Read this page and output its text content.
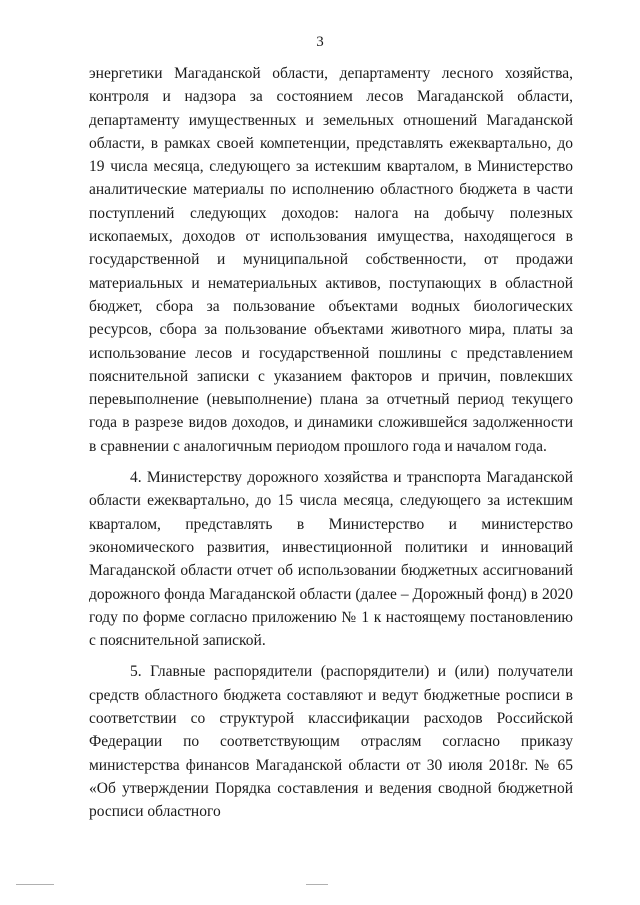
3

энергетики Магаданской области, департаменту лесного хозяйства, контроля и надзора за состоянием лесов Магаданской области, департаменту имущественных и земельных отношений Магаданской области, в рамках своей компетенции, представлять ежеквартально, до 19 числа месяца, следующего за истекшим кварталом, в Министерство аналитические материалы по исполнению областного бюджета в части поступлений следующих доходов: налога на добычу полезных ископаемых, доходов от использования имущества, находящегося в государственной и муниципальной собственности, от продажи материальных и нематериальных активов, поступающих в областной бюджет, сбора за пользование объектами водных биологических ресурсов, сбора за пользование объектами животного мира, платы за использование лесов и государственной пошлины с представлением пояснительной записки с указанием факторов и причин, повлекших перевыполнение (невыполнение) плана за отчетный период текущего года в разрезе видов доходов, и динамики сложившейся задолженности в сравнении с аналогичным периодом прошлого года и началом года.

4. Министерству дорожного хозяйства и транспорта Магаданской области ежеквартально, до 15 числа месяца, следующего за истекшим кварталом, представлять в Министерство и министерство экономического развития, инвестиционной политики и инноваций Магаданской области отчет об использовании бюджетных ассигнований дорожного фонда Магаданской области (далее – Дорожный фонд) в 2020 году по форме согласно приложению № 1 к настоящему постановлению с пояснительной запиской.

5. Главные распорядители (распорядители) и (или) получатели средств областного бюджета составляют и ведут бюджетные росписи в соответствии со структурой классификации расходов Российской Федерации по соответствующим отраслям согласно приказу министерства финансов Магаданской области от 30 июля 2018г. № 65 «Об утверждении Порядка составления и ведения сводной бюджетной росписи областного
